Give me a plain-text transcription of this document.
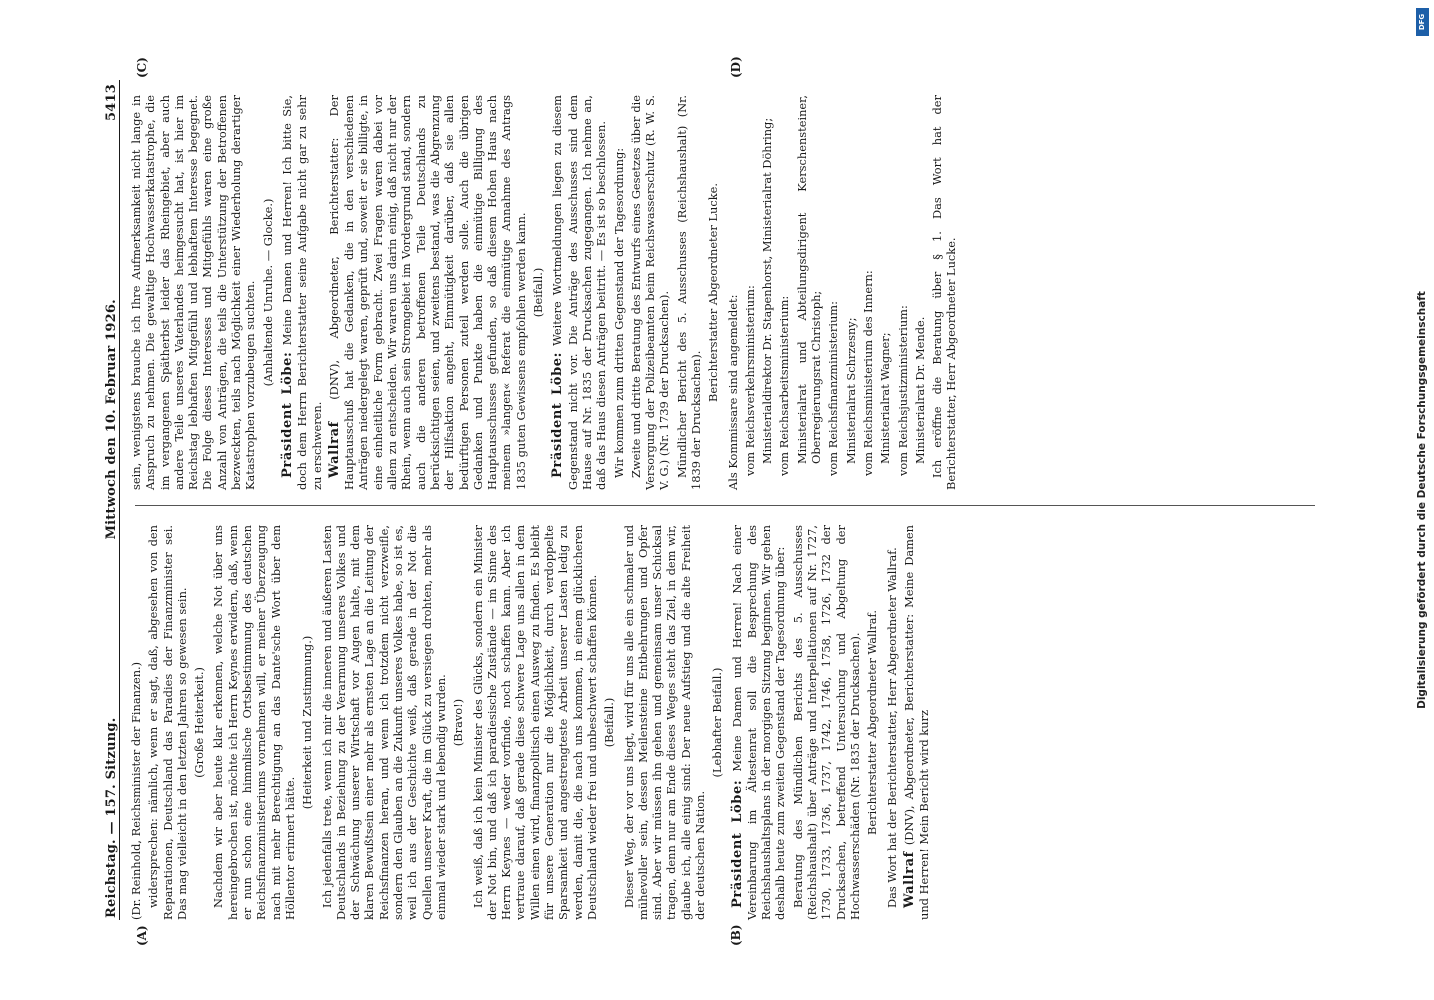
Reichstag. — 157. Sitzung.
Mittwoch den 10. Februar 1926.
5413

(Dr. Reinhold, Reichsminister der Finanzen.) widersprechen: nämlich, wenn er sagt, daß, abgesehen von den Reparationen, Deutschland das Paradies der Finanzminister sei. Das mag vielleicht in den letzten Jahren so gewesen sein. (Große Heiterkeit.) Nachdem wir aber heute klar erkennen, welche Not über uns hereingebrochen ist, möchte ich Herrn Keynes erwidern, daß, wenn er nun schon eine himmlische Ortsbestimmung des deutschen Reichsfinanzministeriums vornehmen will, er meiner Überzeugung nach mit mehr Berechtigung an das Dante'sche Wort über dem Höllentor erinnert hätte.

(Heiterkeit und Zustimmung.) Ich jedenfalls trete, wenn ich mir die inneren und äußeren Lasten Deutschlands in Beziehung zu der Verarmung unseres Volkes und der Schwächung unserer Wirtschaft vor Augen halte, mit dem klaren Bewußtsein einer mehr als ernsten Lage an die Leitung der Reichsfinanzen heran, und wenn ich trotzdem nicht verzweifle, sondern den Glauben an die Zukunft unseres Volkes habe, so ist es, weil ich aus der Geschichte weiß, daß gerade in der Not die Quellen unserer Kraft, die im Glück zu versiegen drohten, mehr als einmal wieder stark und lebendig wurden. (Bravo!) Ich weiß, daß ich kein Minister des Glücks, sondern ein Minister der Not bin, und daß ich paradiesische Zustände — im Sinne des Herrn Keynes — weder vorfinde, noch schaffen kann. Aber ich vertraue darauf, daß gerade diese schwere Lage uns allen in dem Willen einen wird, finanzpolitisch einen Ausweg zu finden. Es bleibt für unsere Generation nur die Möglichkeit, durch verdoppelte Sparsamkeit und angestrengteste Arbeit unserer Lasten ledig zu werden, damit die, die nach uns kommen, in einem glücklicheren Deutschland wieder frei und unbeschwert schaffen können. (Beifall.) Dieser Weg, der vor uns liegt, wird für uns alle ein schmaler und mühevoller sein, dessen Meilensteine Entbehrungen und Opfer sind. Aber wir müssen ihn gehen und gemeinsam unser Schicksal tragen, denn nur am Ende dieses Weges steht das Ziel, in dem wir, glaube ich, alle einig sind: Der neue Aufstieg und die alte Freiheit der deutschen Nation.

(Lebhafter Beifall.)

Präsident Löbe: Meine Damen und Herren! Nach einer Vereinbarung im Ältestenrat soll die Besprechung des Reichshaushaltsplans in der morgigen Sitzung beginnen. Wir gehen deshalb heute zum zweiten Gegenstand der Tagesordnung über: Beratung des Mündlichen Berichts des 5. Ausschusses (Reichshaushalt) über Anträge und Interpellationen auf Nr. 1727, 1730, 1733, 1736, 1737, 1742, 1746, 1758, 1726, 1732 der Drucksachen, betreffend Untersuchung und Abgeltung der Hochwasserschäden (Nr. 1835 der Drucksachen). Berichterstatter Abgeordneter Wallraf. Das Wort hat der Berichterstatter, Herr Abgeordneter Wallraf. Wallraf (DNV), Abgeordneter, Berichterstatter: Meine Damen und Herren! Mein Bericht wird kurz

sein, wenigstens brauche ich Ihre Aufmerksamkeit nicht lange in Anspruch zu nehmen. Die gewaltige Hochwasserkatastrophe, die im vergangenen Spätherbst leider das Rheingebiet, aber auch andere Teile unseres Vaterlandes heimgesucht hat, ist hier im Reichstag lebhaften Mitgefühl und lebhaftem Interesse begegnet. Die Folge dieses Interesses und Mitgefühls waren eine große Anzahl von Anträgen, die teils die Unterstützung der Betroffenen bezweckten, teils nach Möglichkeit einer Wiederholung derartiger Katastrophen vorzubeugen suchten. (Anhaltende Unruhe. — Glocke.)

Präsident Löbe: Meine Damen und Herren! Ich bitte Sie, doch dem Herrn Berichterstatter seine Aufgabe nicht gar zu sehr zu erschweren. Wallraf (DNV), Abgeordneter, Berichterstatter: Der Hauptausschuß hat die Gedanken, die in den verschiedenen Anträgen niedergelegt waren, geprüft und, soweit er sie billigte, in eine einheitliche Form gebracht. Zwei Fragen waren dabei vor allem zu entscheiden. Wir waren uns darin einig, daß nicht nur der Rhein, wenn auch sein Stromgebiet im Vordergrund stand, sondern auch die anderen betroffenen Teile Deutschlands zu berücksichtigen seien, und zweitens bestand, was die Abgrenzung der Hilfsaktion angeht, Einmütigkeit darüber, daß sie allen bedürftigen Personen zuteil werden solle. Auch die übrigen Gedanken und Punkte haben die einmütige Billigung des Hauptausschusses gefunden, so daß diesem Hohen Haus nach meinem »langen« Referat die einmütige Annahme des Antrags 1835 guten Gewissens empfohlen werden kann. (Beifall.)

Präsident Löbe: Weitere Wortmeldungen liegen zu diesem Gegenstand nicht vor. Die Anträge des Ausschusses sind dem Hause auf Nr. 1835 der Drucksachen zugegangen. Ich nehme an, daß das Haus diesen Anträgen beitritt. — Es ist so beschlossen. Wir kommen zum dritten Gegenstand der Tagesordnung: Zweite und dritte Beratung des Entwurfs eines Gesetzes über die Versorgung der Polizeibeamten beim Reichswasserschutz (R. W. S. V. G.) (Nr. 1739 der Drucksachen). Mündlicher Bericht des 5. Ausschusses (Reichshaushalt) (Nr. 1839 der Drucksachen).

Berichterstatter Abgeordneter Lucke. Als Kommissare sind angemeldet: vom Reichsverkehrsministerium: Ministerialdirektor Dr. Stapenhorst, Ministerialrat Döhring; vom Reichsarbeitsministerium: Ministerialrat und Abteilungsdirigent Kerschensteiner, Oberregierungsrat Christoph; vom Reichsfinanzministerium: Ministerialrat Schrzesny; vom Reichsministerium des Innern: Ministerialrat Wagner; vom Reichsjustizministerium: Ministerialrat Dr. Mende. Ich eröffne die Beratung über § 1. Das Wort hat der Berichterstatter, Herr Abgeordneter Lucke.

(A)	(B)
(C)	(D)
DFG
Digitalisierung gefördert durch die Deutsche Forschungsgemeinschaft
